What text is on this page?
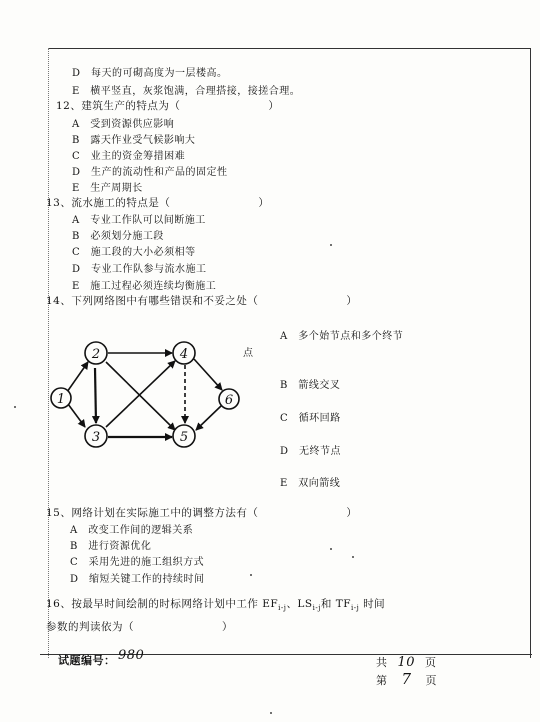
D　每天的可砌高度为一层楼高。
E　横平竖直，灰浆饱满，合理搭接，接搓合理。
12、建筑生产的特点为（　　　　　　　　）
A　受到资源供应影响
B　露天作业受气候影响大
C　业主的资金筹措困难
D　生产的流动性和产品的固定性
E　生产周期长
13、流水施工的特点是（　　　　　　　　）
A　专业工作队可以间断施工
B　必须划分施工段
C　施工段的大小必须相等
D　专业工作队参与流水施工
E　施工过程必须连续均衡施工
14、下列网络图中有哪些错误和不妥之处（　　　　　　　　）
1
2
3
4
5
6
A　多个始节点和多个终节
点
B　箭线交叉
C　循环回路
D　无终节点
E　双向箭线
15、网络计划在实际施工中的调整方法有（　　　　　　　　）
A　改变工作间的逻辑关系
B　进行资源优化
C　采用先进的施工组织方式
D　缩短关键工作的持续时间
16、按最早时间绘制的时标网络计划中工作 $EF_{i-j}$、$LS_{i-j}$和 $TF_{i-j}$ 时间
参数的判读依为（　　　　　　　　）
试题编号： 980	共 10 页
第 7 页
